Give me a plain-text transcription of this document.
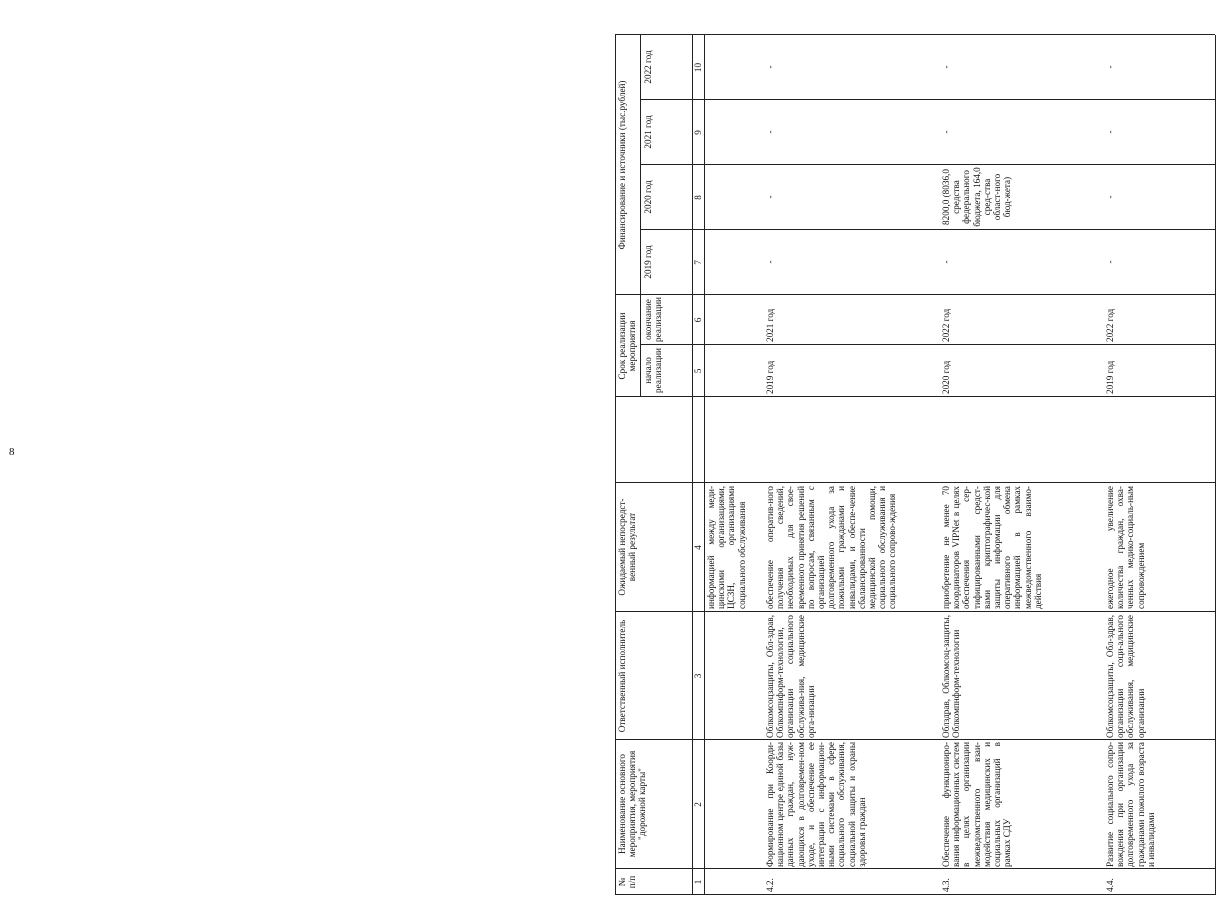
8
№
п/п
Наименование основного мероприятия, мероприятия "дорожной карты"
Ответственный исполнитель
Ожидаемый непосредст-венный результат
Срок реализации мероприятия начало реализации
окончание реализации
Финансирование и источники (тыс.рублей)
2019 год
2020 год
2021 год
2022 год
1
2
3
4
5
6
7
8
9
10
информацией между меди-цинскими организациями, ЦСЗН, организациями социального обслуживания
4.2.
Формирование при Коорди-национном центре единой базы данных граждан, нуж-дающихся в долговремен-ном уходе, и обеспечение ее интеграции с информацион-ными системами в сфере социального обслуживания, социальной защиты и охраны здоровья граждан
Облкомсоцзащиты, Обл-здрав, Облкомпнформ-технологии, организации социального обслужива-ния, медицинские орга-низации
обеспечение оператив-ного получения сведений, необходимых для свое-временного принятия решений по вопросам, связанным с организацией долговременного ухода за пожилыми гражданами и инвалидами, и обеспе-чение сбалансированности медицинской помощи, социального обслуживания и социального сопрово-ждения
2019 год
2021 год
-
-
-
-
4.3.
Обеспечение функциониро-вания информационных систем в целях организации межведомственного взаи-модействия медицинских и социальных организаций в рамках СДУ
Облздрав, Облкомсоц-защиты, Облкомпнформ-технологии
приобретение не менее 70 координаторов VIPNet в целях обеспечения сер-тифицированными средст-вами криптографичес-кой защиты информации для оперативного обмена информацией в рамках межведомственного взаимо-действия
2020 год
2022 год
-
8200,0 (8036,0 средства федерального бюджета, 164,0 сред-ства област-ного бюд-жета)
-
-
4.4.
Развитие социального сопро-вождения при организации долговременного ухода за гражданами пожилого возраста и инвалидами
Облкомсоцзащиты, Обл-здрав, организации соци-ального обслуживания, медицинские организации
ежегодное увеличение количества граждан, охва-ченных медико-социаль-ным сопровождением
2019 год
2022 год
-
-
-
-
